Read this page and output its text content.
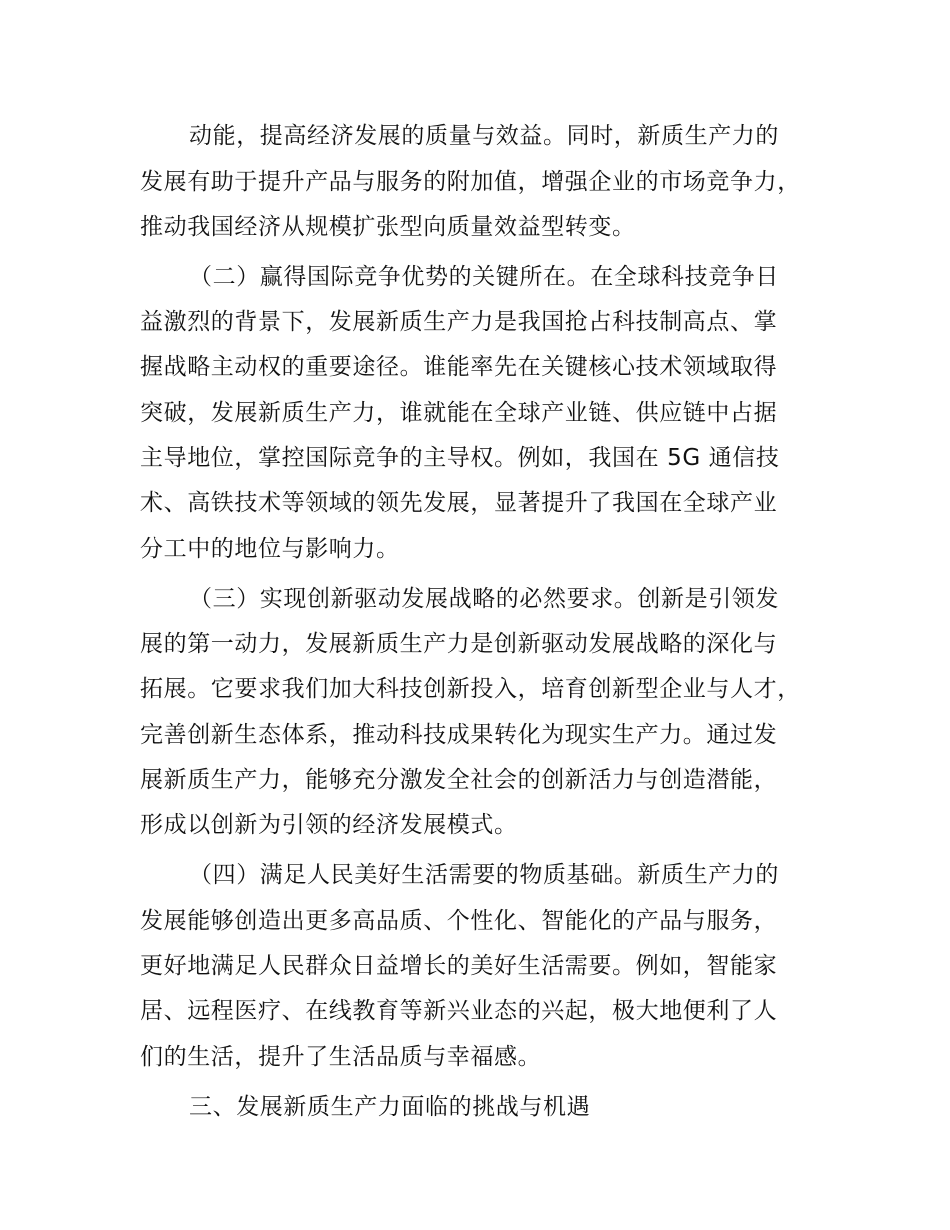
动能，提高经济发展的质量与效益。同时，新质生产力的
发展有助于提升产品与服务的附加值，增强企业的市场竞争力，
推动我国经济从规模扩张型向质量效益型转变。
（二）赢得国际竞争优势的关键所在。在全球科技竞争日
益激烈的背景下，发展新质生产力是我国抢占科技制高点、掌
握战略主动权的重要途径。谁能率先在关键核心技术领域取得
突破，发展新质生产力，谁就能在全球产业链、供应链中占据
主导地位，掌控国际竞争的主导权。例如，我国在 5G 通信技
术、高铁技术等领域的领先发展，显著提升了我国在全球产业
分工中的地位与影响力。
（三）实现创新驱动发展战略的必然要求。创新是引领发
展的第一动力，发展新质生产力是创新驱动发展战略的深化与
拓展。它要求我们加大科技创新投入，培育创新型企业与人才，
完善创新生态体系，推动科技成果转化为现实生产力。通过发
展新质生产力，能够充分激发全社会的创新活力与创造潜能，
形成以创新为引领的经济发展模式。
（四）满足人民美好生活需要的物质基础。新质生产力的
发展能够创造出更多高品质、个性化、智能化的产品与服务，
更好地满足人民群众日益增长的美好生活需要。例如，智能家
居、远程医疗、在线教育等新兴业态的兴起，极大地便利了人
们的生活，提升了生活品质与幸福感。
三、发展新质生产力面临的挑战与机遇
